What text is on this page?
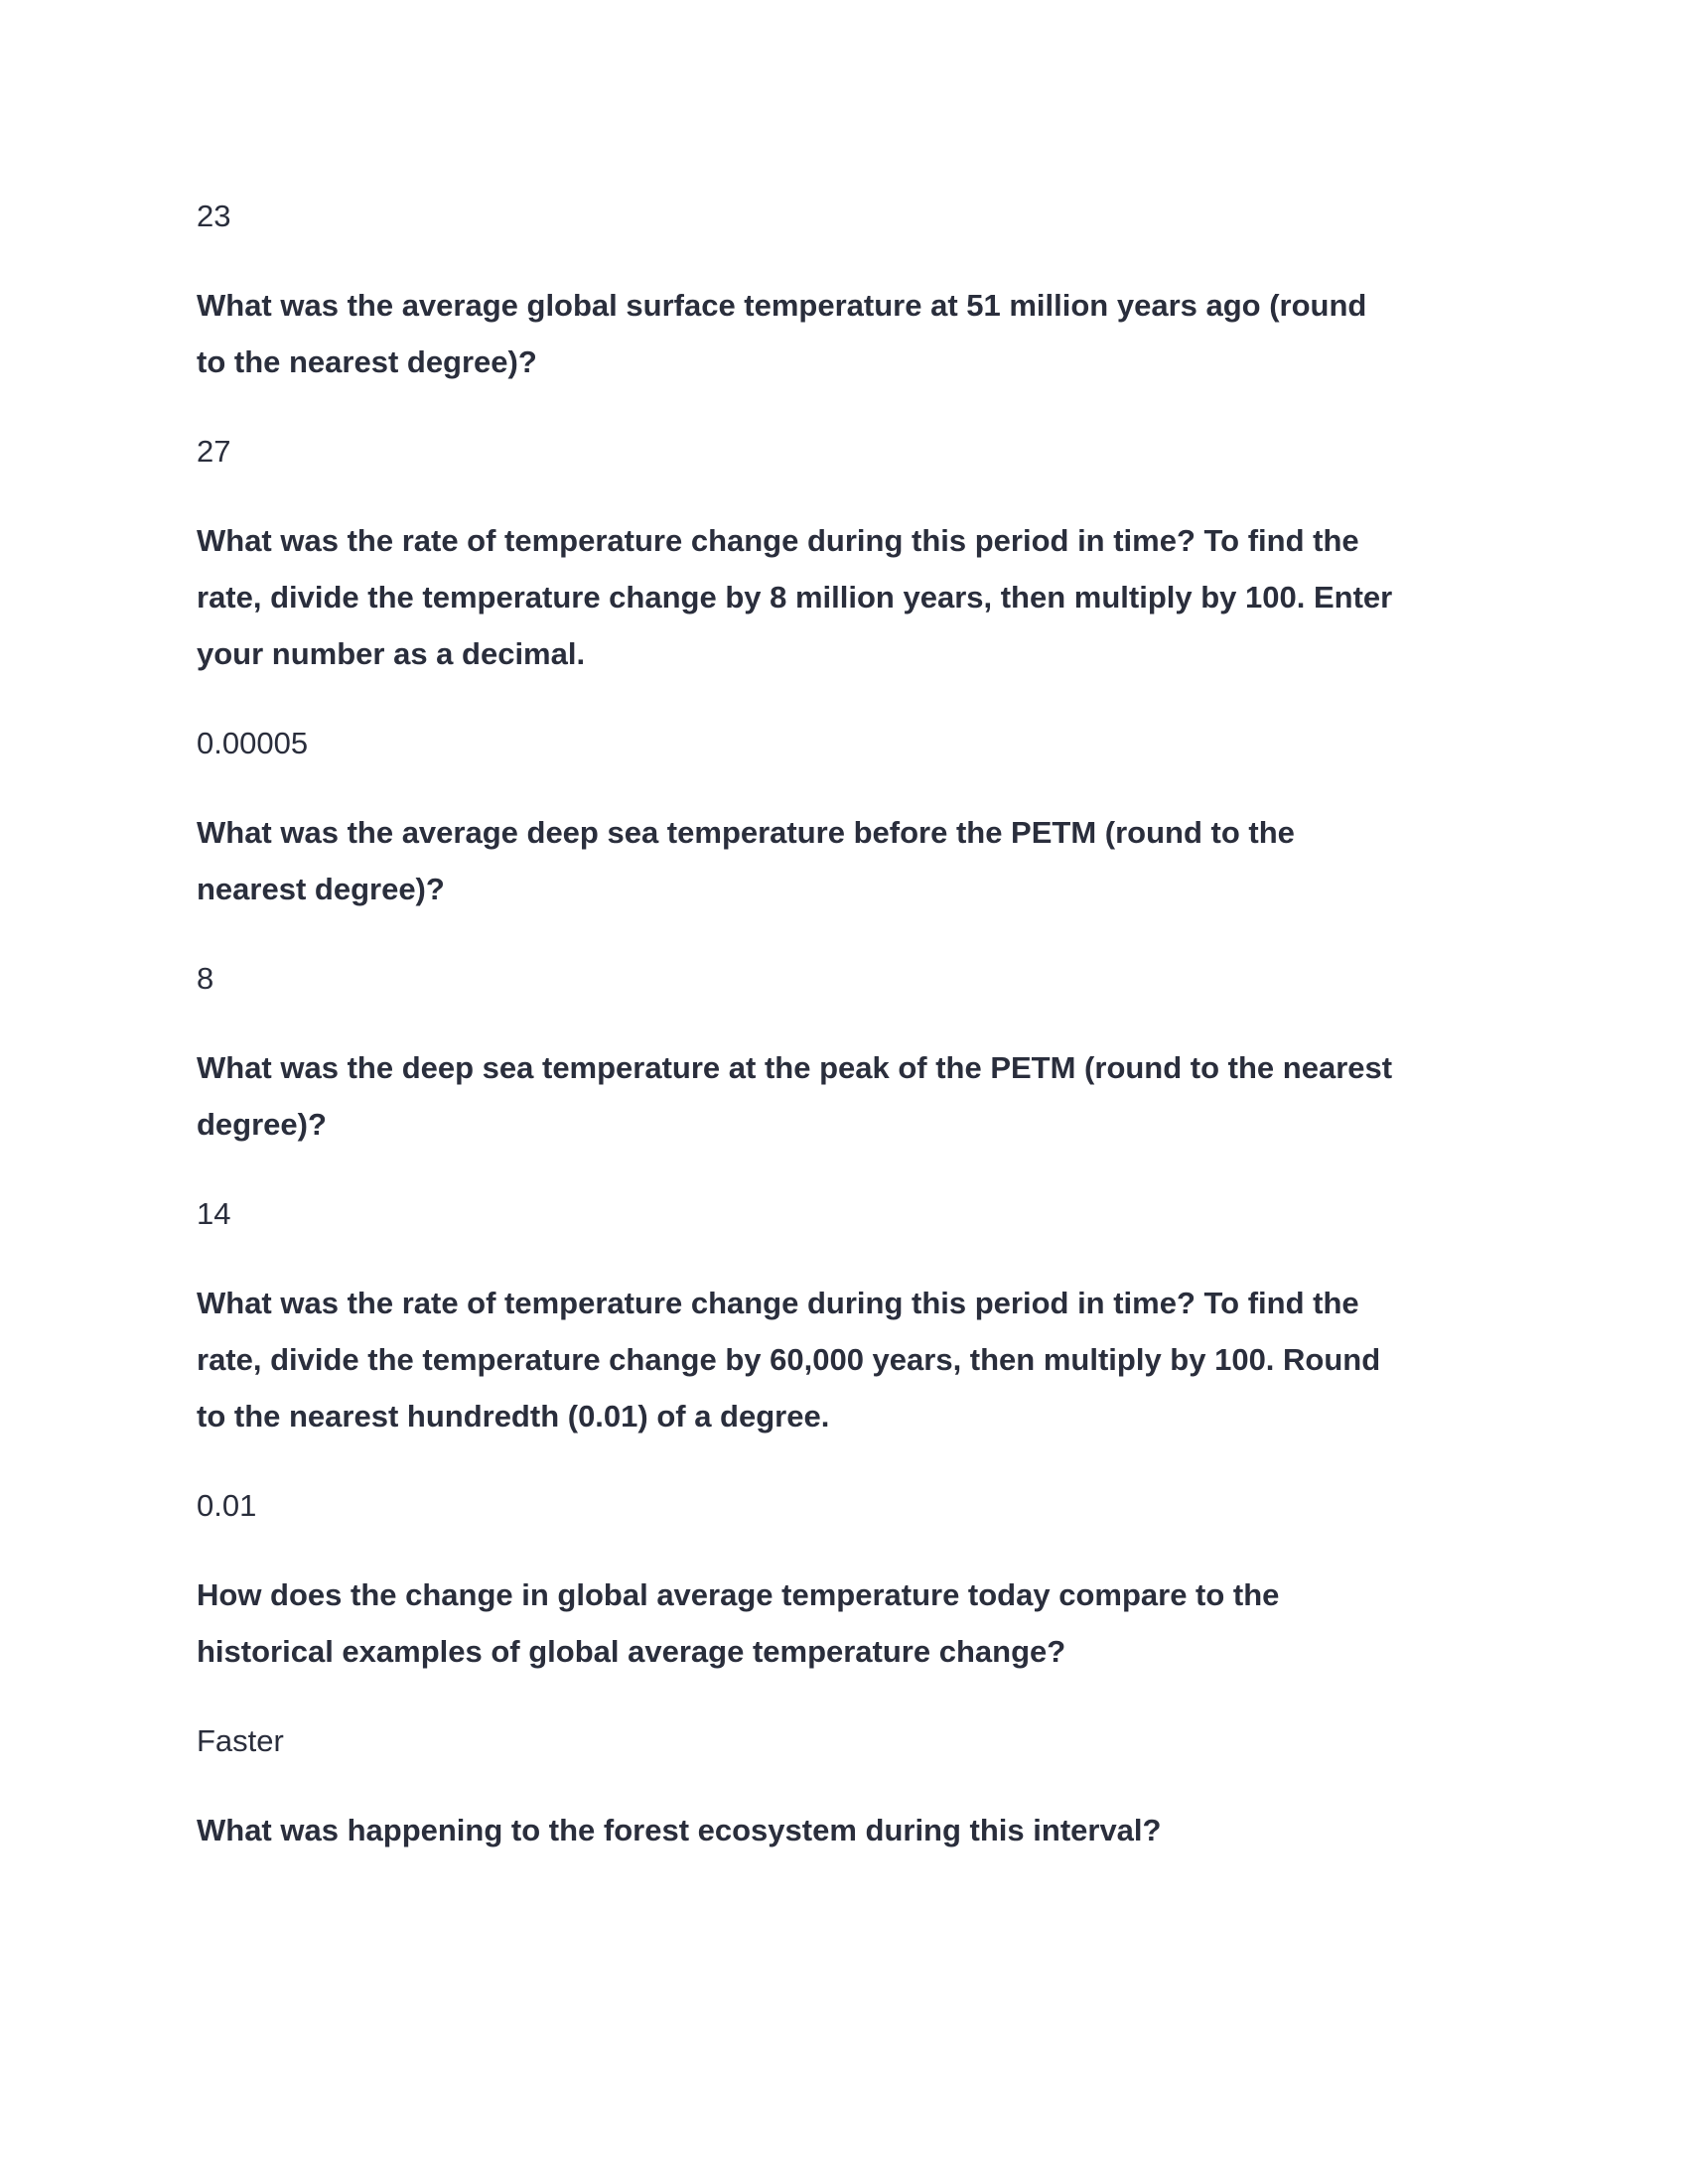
23

What was the average global surface temperature at 51 million years ago (round
to the nearest degree)?

27

What was the rate of temperature change during this period in time? To find the
rate, divide the temperature change by 8 million years, then multiply by 100. Enter
your number as a decimal.

0.00005

What was the average deep sea temperature before the PETM (round to the
nearest degree)?

8

What was the deep sea temperature at the peak of the PETM (round to the nearest
degree)?

14

What was the rate of temperature change during this period in time? To find the
rate, divide the temperature change by 60,000 years, then multiply by 100. Round
to the nearest hundredth (0.01) of a degree.

0.01

How does the change in global average temperature today compare to the
historical examples of global average temperature change?

Faster

What was happening to the forest ecosystem during this interval?
